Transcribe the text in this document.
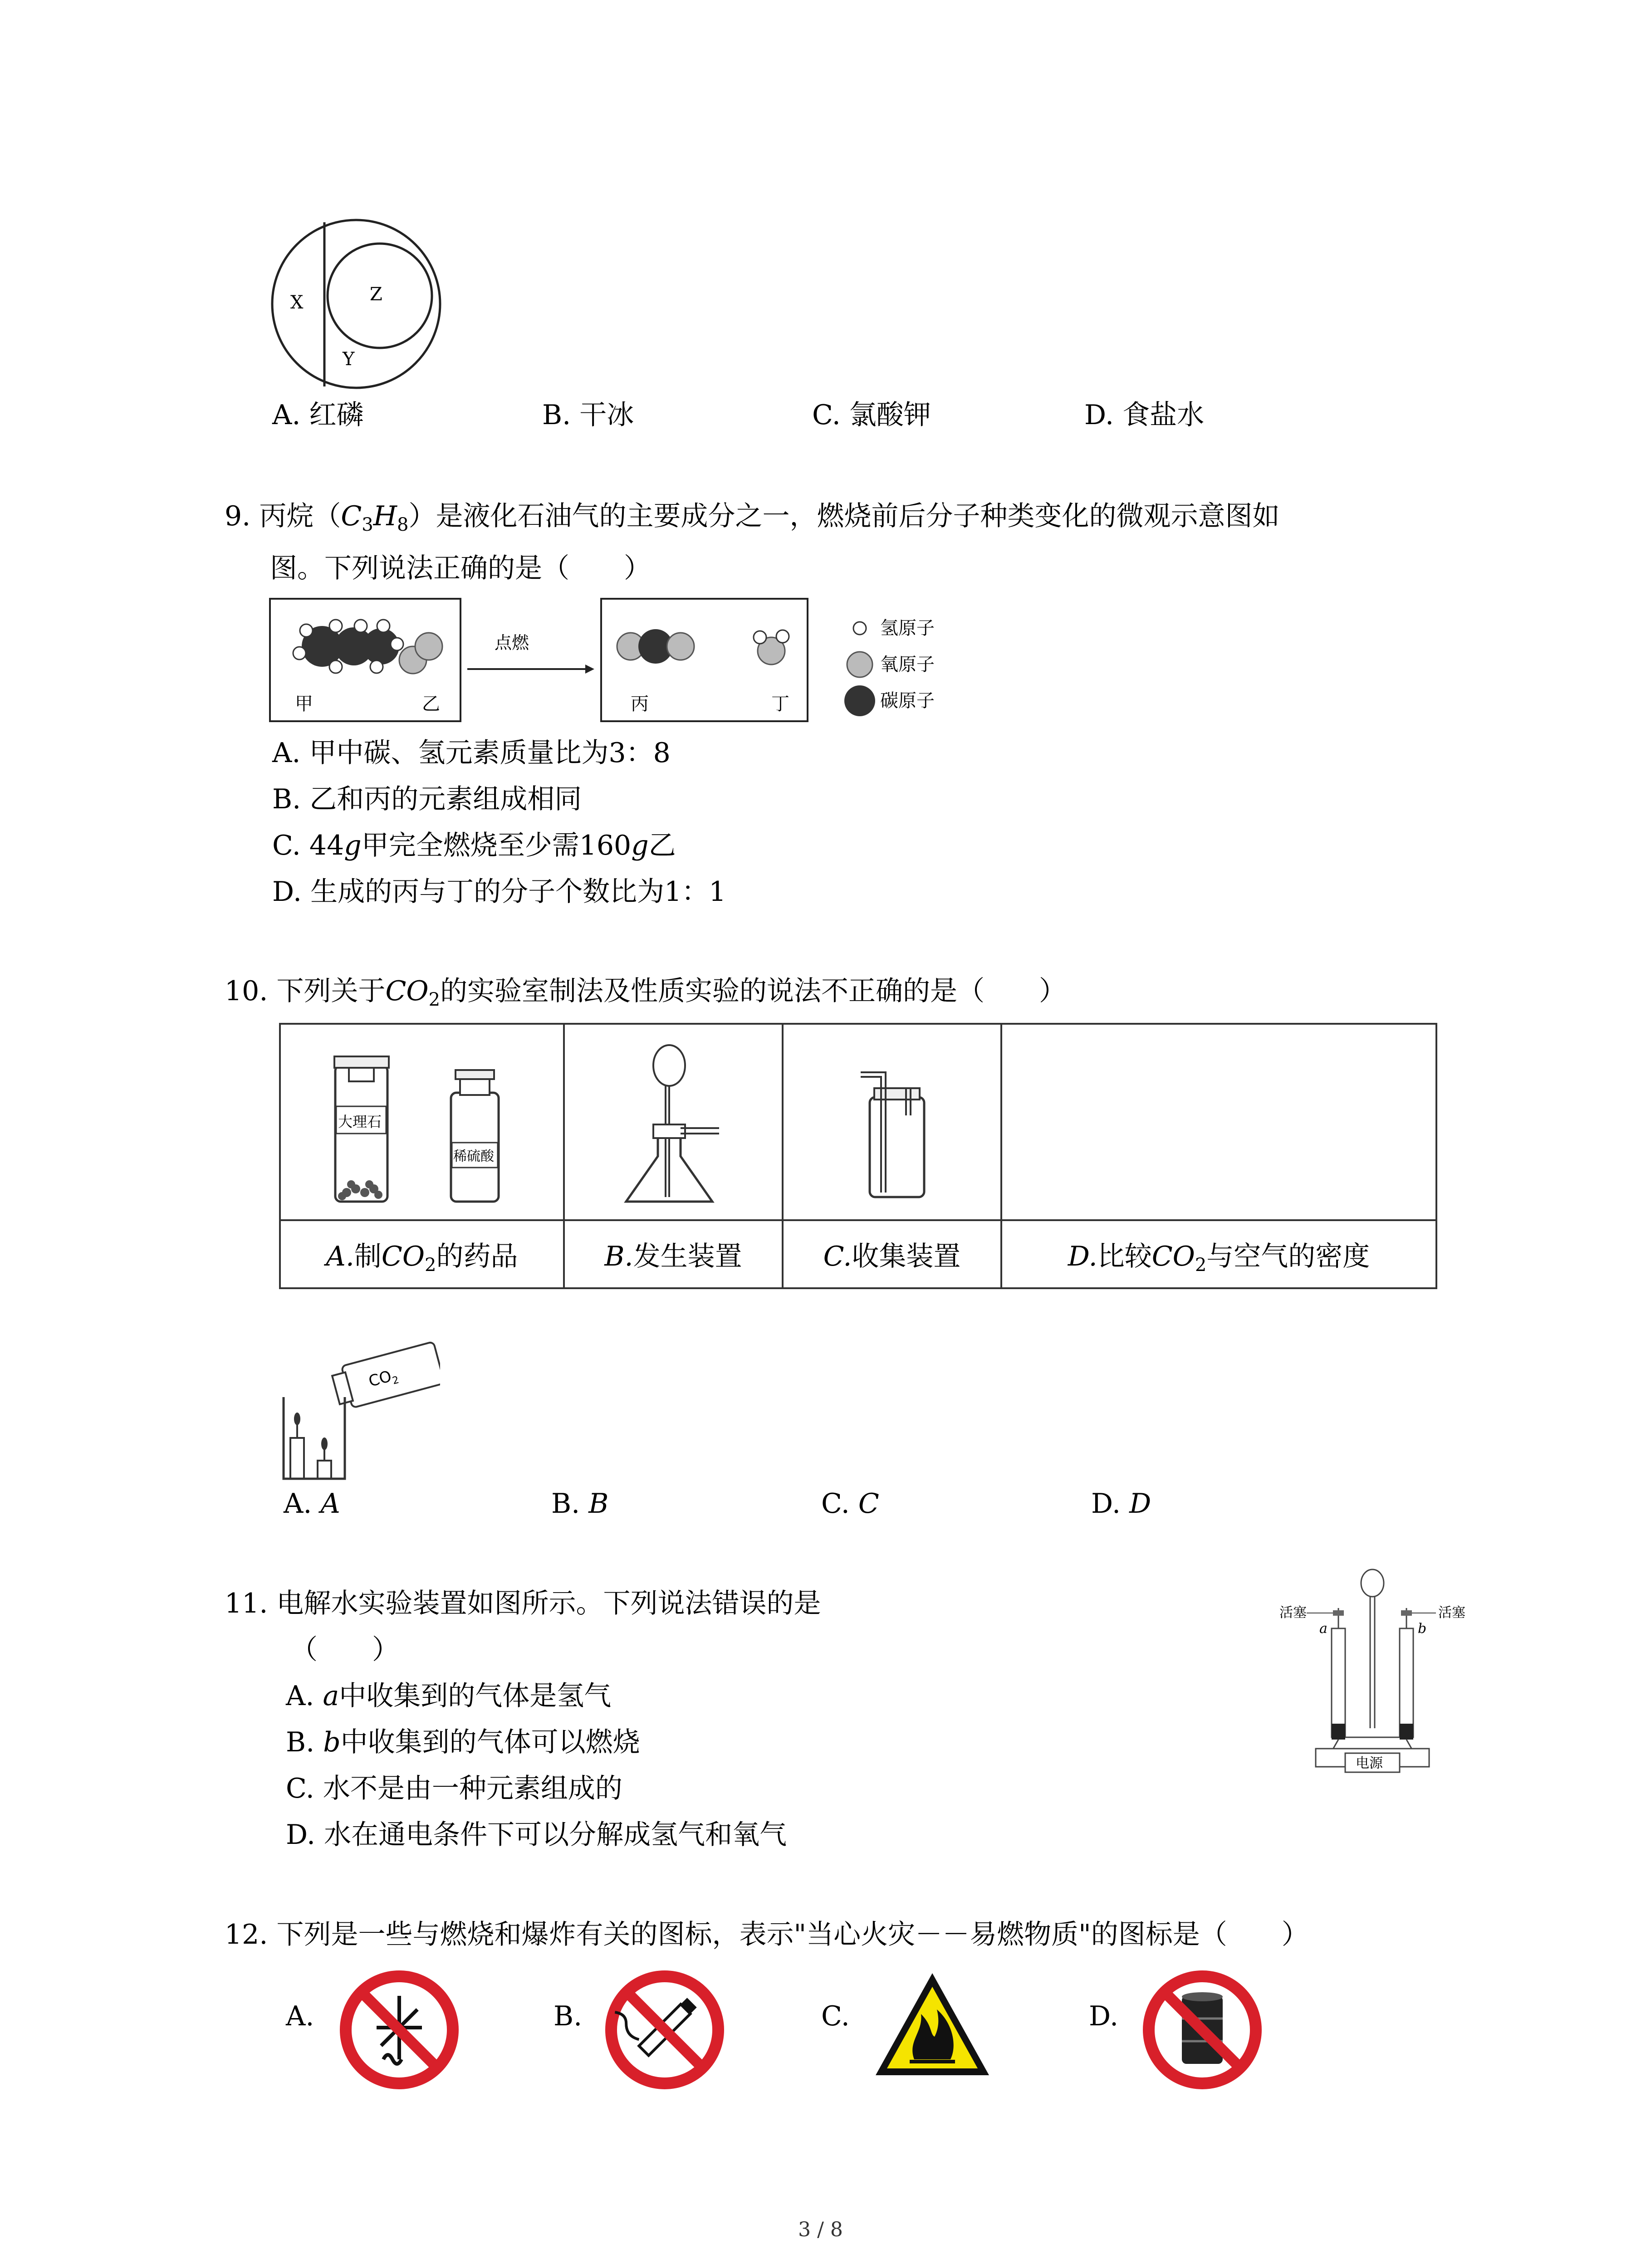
X	Z
Y
A. 红磷	B. 干冰	C. 氯酸钾	D. 食盐水
9. 丙烷$(C_3H_8)$是液化石油气的主要成分之一，燃烧前后分子种类变化的微观示意图如
图。下列说法正确的是（　　）
甲	乙
点燃
丙	丁
氢原子
氧原子
碳原子
A. 甲中碳、氢元素质量比为3：8
B. 乙和丙的元素组成相同
C. 44g甲完全燃烧至少需160g乙
D. 生成的丙与丁的分子个数比为1：1
10. 下列关于$CO_2$的实验室制法及性质实验的说法不正确的是（　　）
大理石
稀硫酸

A.制$CO_2$的药品	B.发生装置	C.收集装置	D.比较$CO_2$与空气的密度
$CO_2$
A. A	B. B	C. C	D. D
11. 电解水实验装置如图所示。下列说法错误的是
（　　）
活塞	活塞
a	b
电源
A. a中收集到的气体是氢气
B. b中收集到的气体可以燃烧
C. 水不是由一种元素组成的
D. 水在通电条件下可以分解成氢气和氧气
12. 下列是一些与燃烧和爆炸有关的图标，表示"当心火灾－－易燃物质"的图标是（　　）
A.	B.	C.	D.
3 / 8
